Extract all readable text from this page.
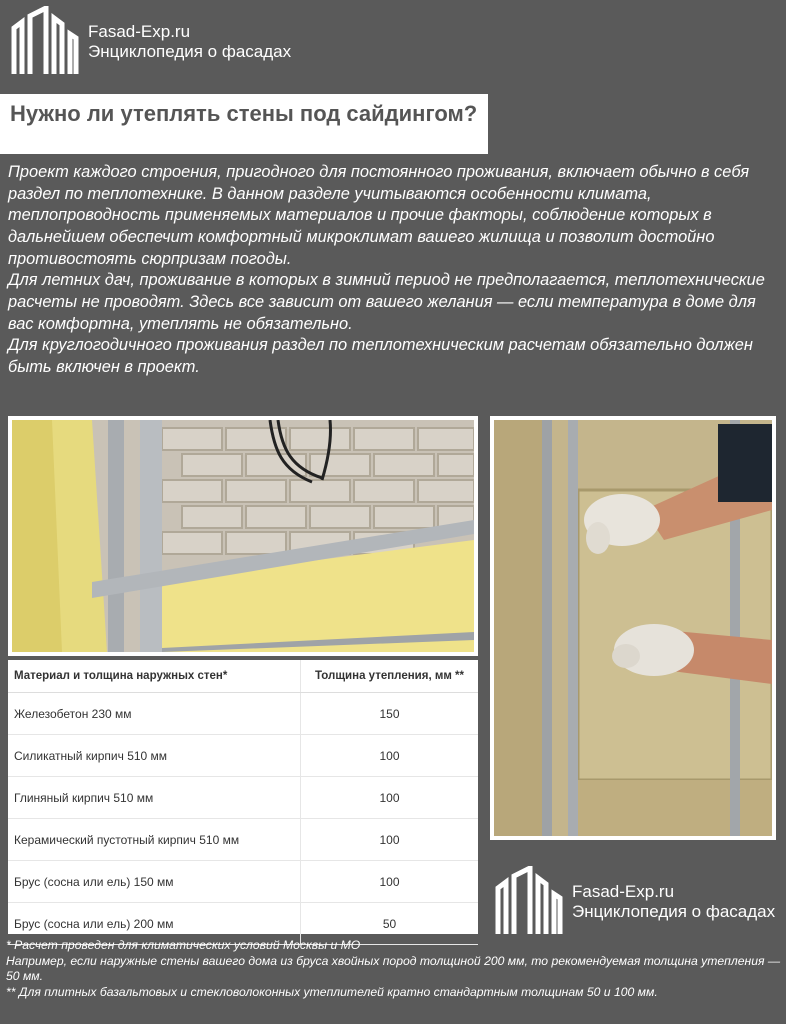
Fasad-Exp.ru
Энциклопедия о фасадах
Нужно ли утеплять стены под сайдингом?

Проект каждого строения, пригодного для постоянного проживания, включает обычно в себя раздел по теплотехнике. В данном разделе учитываются особенности климата, теплопроводность применяемых материалов и прочие факторы, соблюдение которых в дальнейшем обеспечит комфортный микроклимат вашего жилища и позволит достойно противостоять сюрпризам погоды.

Для летних дач, проживание в которых в зимний период не предполагается, теплотехнические расчеты не проводят. Здесь все зависит от вашего желания — если температура в доме для вас комфортна, утеплять не обязательно.

Для круглогодичного проживания раздел по теплотехническим расчетам обязательно должен быть включен в проект.

Материал и толщина наружных стен*	Толщина утепления, мм **
Железобетон 230 мм	150
Силикатный кирпич 510 мм	100
Глиняный кирпич 510 мм	100
Керамический пустотный кирпич 510 мм	100
Брус (сосна или ель) 150 мм	100
Брус (сосна или ель) 200 мм	50
Fasad-Exp.ru
Энциклопедия о фасадах

* Расчет проведен для климатических условий Москвы и МО

Например, если наружные стены вашего дома из бруса хвойных пород толщиной 200 мм, то рекомендуемая толщина утепления — 50 мм.

** Для плитных базальтовых и стекловолоконных утеплителей кратно стандартным толщинам 50 и 100 мм.
